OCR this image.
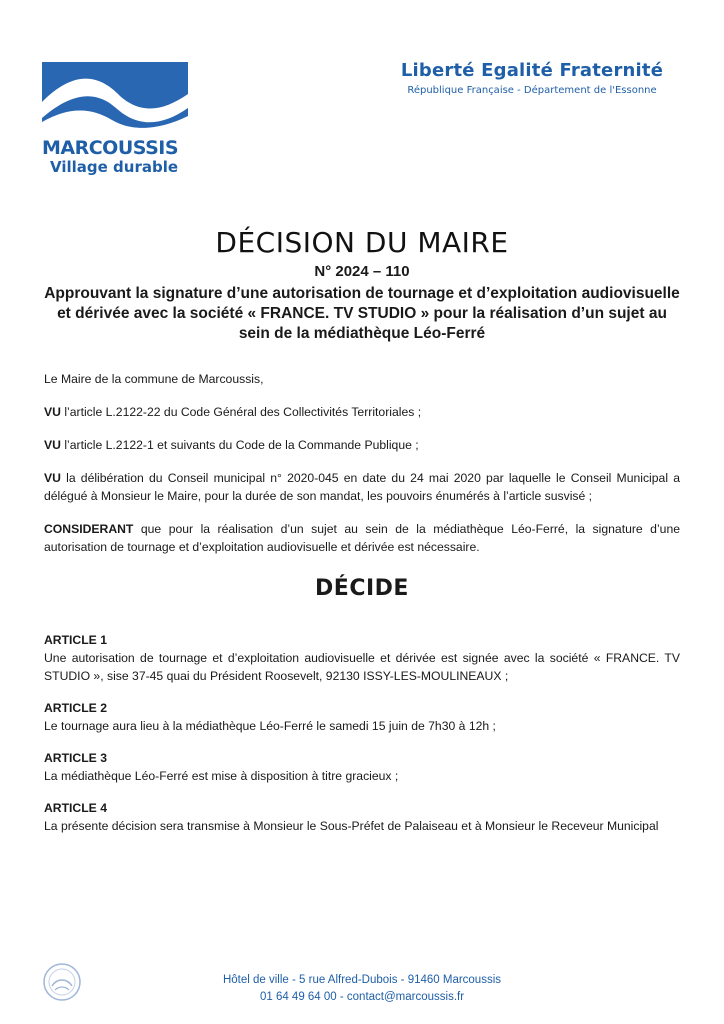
MARCOUSSIS
Village durable
Liberté Egalité Fraternité
République Française - Département de l'Essonne
DÉCISION DU MAIRE
N° 2024 – 110
Approuvant la signature d’une autorisation de tournage et d’exploitation audiovisuelle et dérivée avec la société « FRANCE. TV STUDIO » pour la réalisation d’un sujet au sein de la médiathèque Léo-Ferré

Le Maire de la commune de Marcoussis,

VU l’article L.2122-22 du Code Général des Collectivités Territoriales ;

VU l’article L.2122-1 et suivants du Code de la Commande Publique ;

VU la délibération du Conseil municipal n° 2020-045 en date du 24 mai 2020 par laquelle le Conseil Municipal a délégué à Monsieur le Maire, pour la durée de son mandat, les pouvoirs énumérés à l’article susvisé ;

CONSIDERANT que pour la réalisation d’un sujet au sein de la médiathèque Léo-Ferré, la signature d’une autorisation de tournage et d’exploitation audiovisuelle et dérivée est nécessaire.

DÉCIDE
ARTICLE 1
Une autorisation de tournage et d’exploitation audiovisuelle et dérivée est signée avec la société « FRANCE. TV STUDIO », sise 37-45 quai du Président Roosevelt, 92130 ISSY-LES-MOULINEAUX ;
ARTICLE 2
Le tournage aura lieu à la médiathèque Léo-Ferré le samedi 15 juin de 7h30 à 12h ;
ARTICLE 3
La médiathèque Léo-Ferré est mise à disposition à titre gracieux ;
ARTICLE 4
La présente décision sera transmise à Monsieur le Sous-Préfet de Palaiseau et à Monsieur le Receveur Municipal
Hôtel de ville - 5 rue Alfred-Dubois - 91460 Marcoussis
01 64 49 64 00 - contact@marcoussis.fr
